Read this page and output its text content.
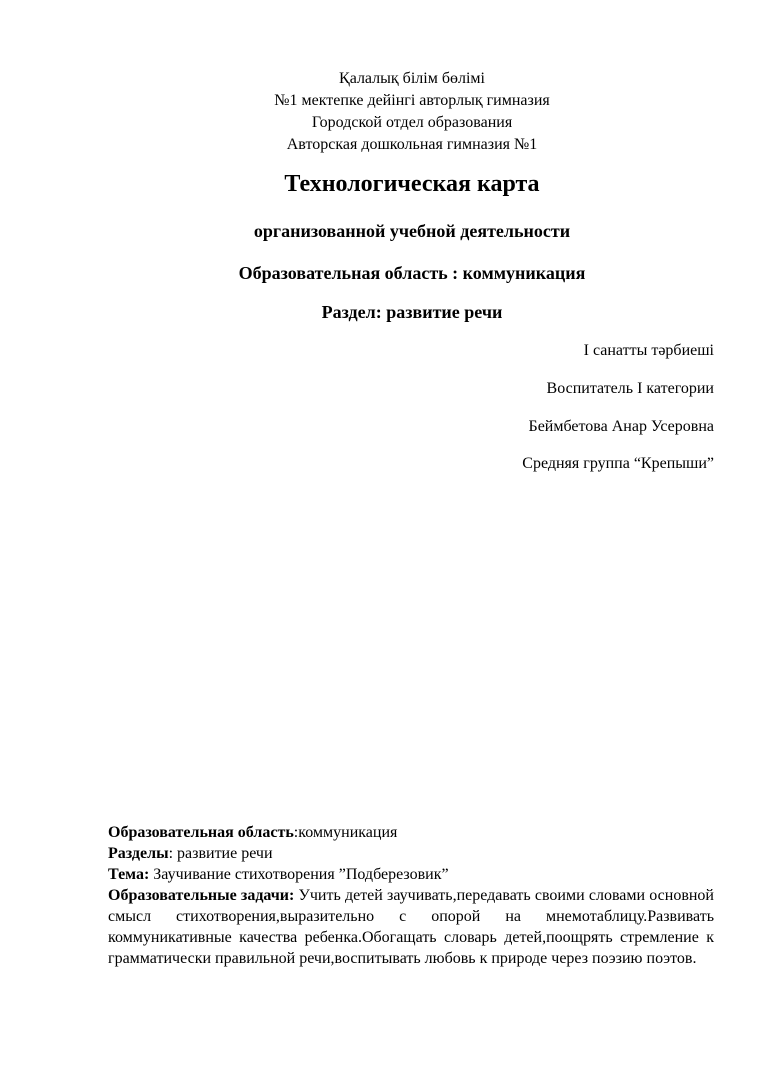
Қалалық білім бөлімі
№1 мектепке дейінгі авторлық гимназия
Городской отдел образования
Авторская дошкольная гимназия №1
Технологическая карта
организованной учебной деятельности
Образовательная область : коммуникация
Раздел: развитие речи
I санатты тәрбиеші
Воспитатель I категории
Беймбетова Анар Усеровна
Средняя группа “Крепыши”
Образовательная область:коммуникация
Разделы: развитие речи
Тема: Заучивание стихотворения ”Подберезовик”
Образовательные задачи: Учить детей заучивать,передавать своими словами основной смысл стихотворения,выразительно с опорой на мнемотаблицу.Развивать коммуникативные качества ребенка.Обогащать словарь детей,поощрять стремление к грамматически правильной речи,воспитывать любовь к природе через поэзию поэтов.
